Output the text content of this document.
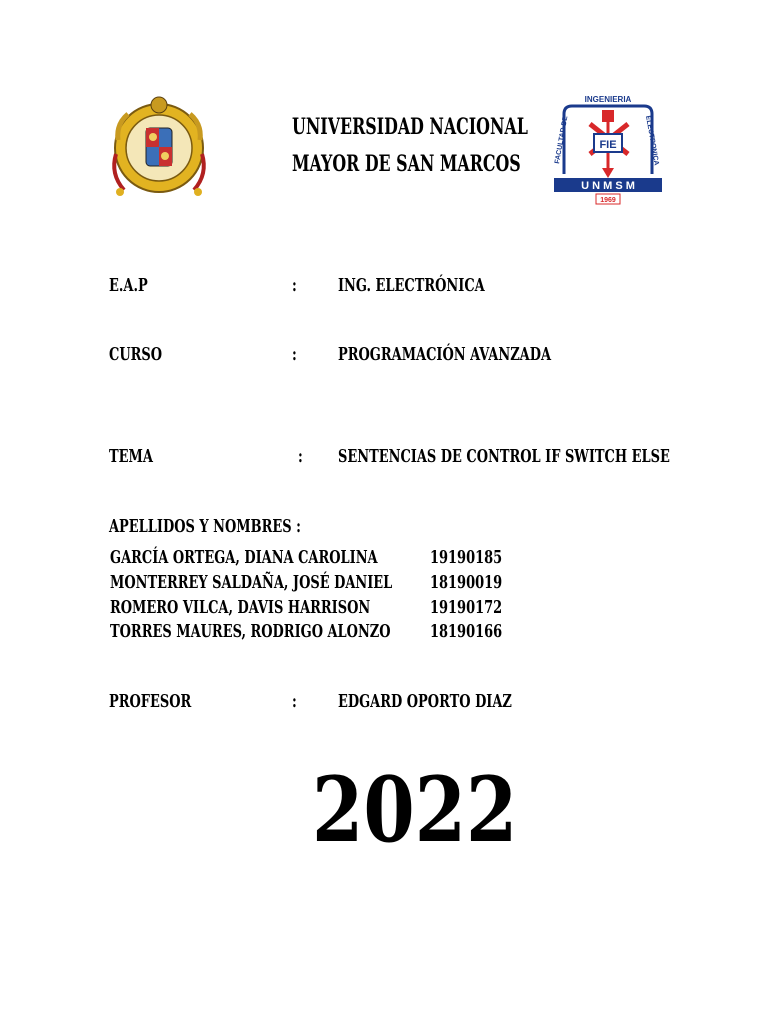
UNIVERSIDAD NACIONAL
MAYOR DE SAN MARCOS
INGENIERIA
FACULTAD DE	ELECTRONICA
FIE
U N M S M
1969
E.A.P	: ING. ELECTRÓNICA
CURSO	: PROGRAMACIÓN AVANZADA
TEMA	: SENTENCIAS DE CONTROL IF SWITCH ELSE
APELLIDOS Y NOMBRES :
GARCÍA ORTEGA, DIANA CAROLINA	19190185
MONTERREY SALDAÑA, JOSÉ DANIEL	18190019
ROMERO VILCA, DAVIS HARRISON	19190172
TORRES MAURES, RODRIGO ALONZO	18190166
PROFESOR	: EDGARD OPORTO DIAZ
2022
